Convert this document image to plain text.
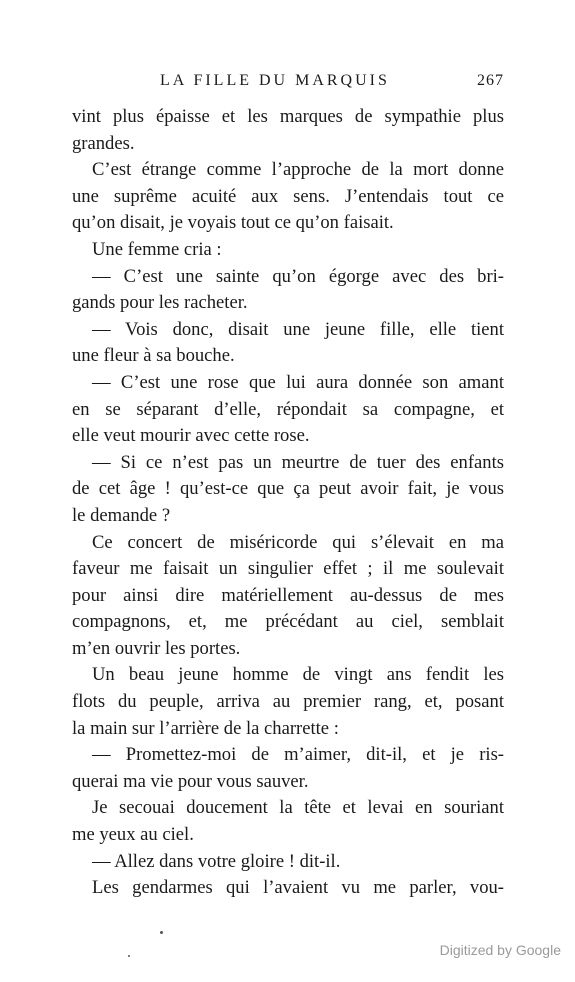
LA FILLE DU MARQUIS	267
vint plus épaisse et les marques de sympathie plus
grandes.
C’est étrange comme l’approche de la mort donne
une suprême acuité aux sens. J’entendais tout ce
qu’on disait, je voyais tout ce qu’on faisait.
Une femme cria :
— C’est une sainte qu’on égorge avec des bri-
gands pour les racheter.
— Vois donc, disait une jeune fille, elle tient
une fleur à sa bouche.
— C’est une rose que lui aura donnée son amant
en se séparant d’elle, répondait sa compagne, et
elle veut mourir avec cette rose.
— Si ce n’est pas un meurtre de tuer des enfants
de cet âge ! qu’est-ce que ça peut avoir fait, je vous
le demande ?
Ce concert de miséricorde qui s’élevait en ma
faveur me faisait un singulier effet ; il me soulevait
pour ainsi dire matériellement au-dessus de mes
compagnons, et, me précédant au ciel, semblait
m’en ouvrir les portes.
Un beau jeune homme de vingt ans fendit les
flots du peuple, arriva au premier rang, et, posant
la main sur l’arrière de la charrette :
— Promettez-moi de m’aimer, dit-il, et je ris-
querai ma vie pour vous sauver.
Je secouai doucement la tête et levai en souriant
me yeux au ciel.
— Allez dans votre gloire ! dit-il.
Les gendarmes qui l’avaient vu me parler, vou-
Digitized by Google
